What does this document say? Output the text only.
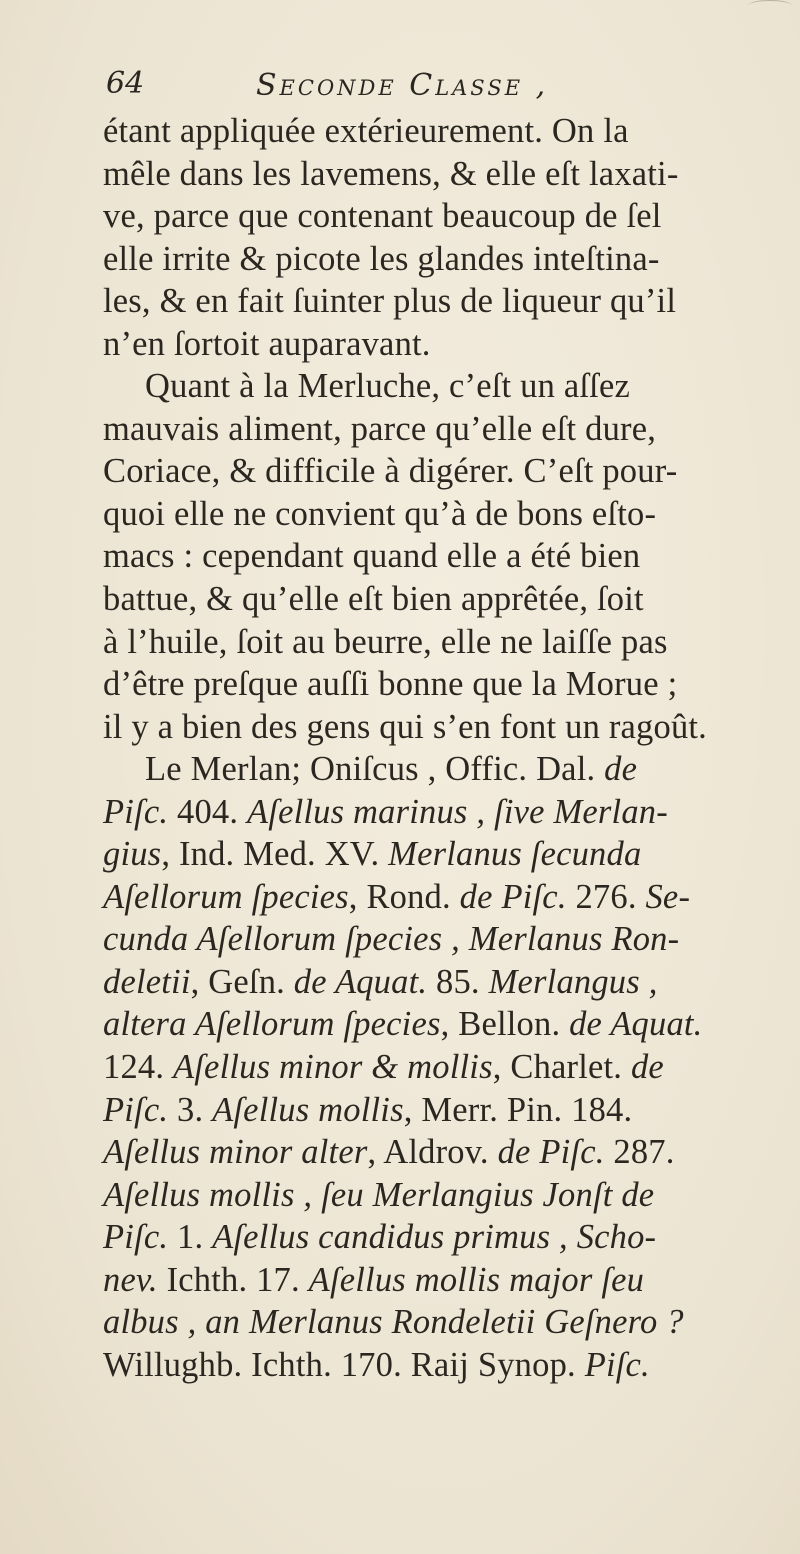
64	Seconde Classe ,
étant appliquée extérieurement. On la
mêle dans les lavemens, & elle eſt laxati-
ve, parce que contenant beaucoup de ſel
elle irrite & picote les glandes inteſtina-
les, & en fait ſuinter plus de liqueur qu’il
n’en ſortoit auparavant.
Quant à la Merluche, c’eſt un aſſez
mauvais aliment, parce qu’elle eſt dure,
Coriace, & difficile à digérer. C’eſt pour-
quoi elle ne convient qu’à de bons eſto-
macs : cependant quand elle a été bien
battue, & qu’elle eſt bien apprêtée, ſoit
à l’huile, ſoit au beurre, elle ne laiſſe pas
d’être preſque auſſi bonne que la Morue ;
il y a bien des gens qui s’en font un ragoût.
Le Merlan; Oniſcus , Offic. Dal. de
Piſc. 404. Aſellus marinus , ſive Merlan-
gius, Ind. Med. XV. Merlanus ſecunda
Aſellorum ſpecies, Rond. de Piſc. 276. Se-
cunda Aſellorum ſpecies , Merlanus Ron-
deletii, Geſn. de Aquat. 85. Merlangus ,
altera Aſellorum ſpecies, Bellon. de Aquat.
124. Aſellus minor & mollis, Charlet. de
Piſc. 3. Aſellus mollis, Merr. Pin. 184.
Aſellus minor alter, Aldrov. de Piſc. 287.
Aſellus mollis , ſeu Merlangius Jonſt de
Piſc. 1. Aſellus candidus primus , Scho-
nev. Ichth. 17. Aſellus mollis major ſeu
albus , an Merlanus Rondeletii Geſnero ?
Willughb. Ichth. 170. Raij Synop. Piſc.
